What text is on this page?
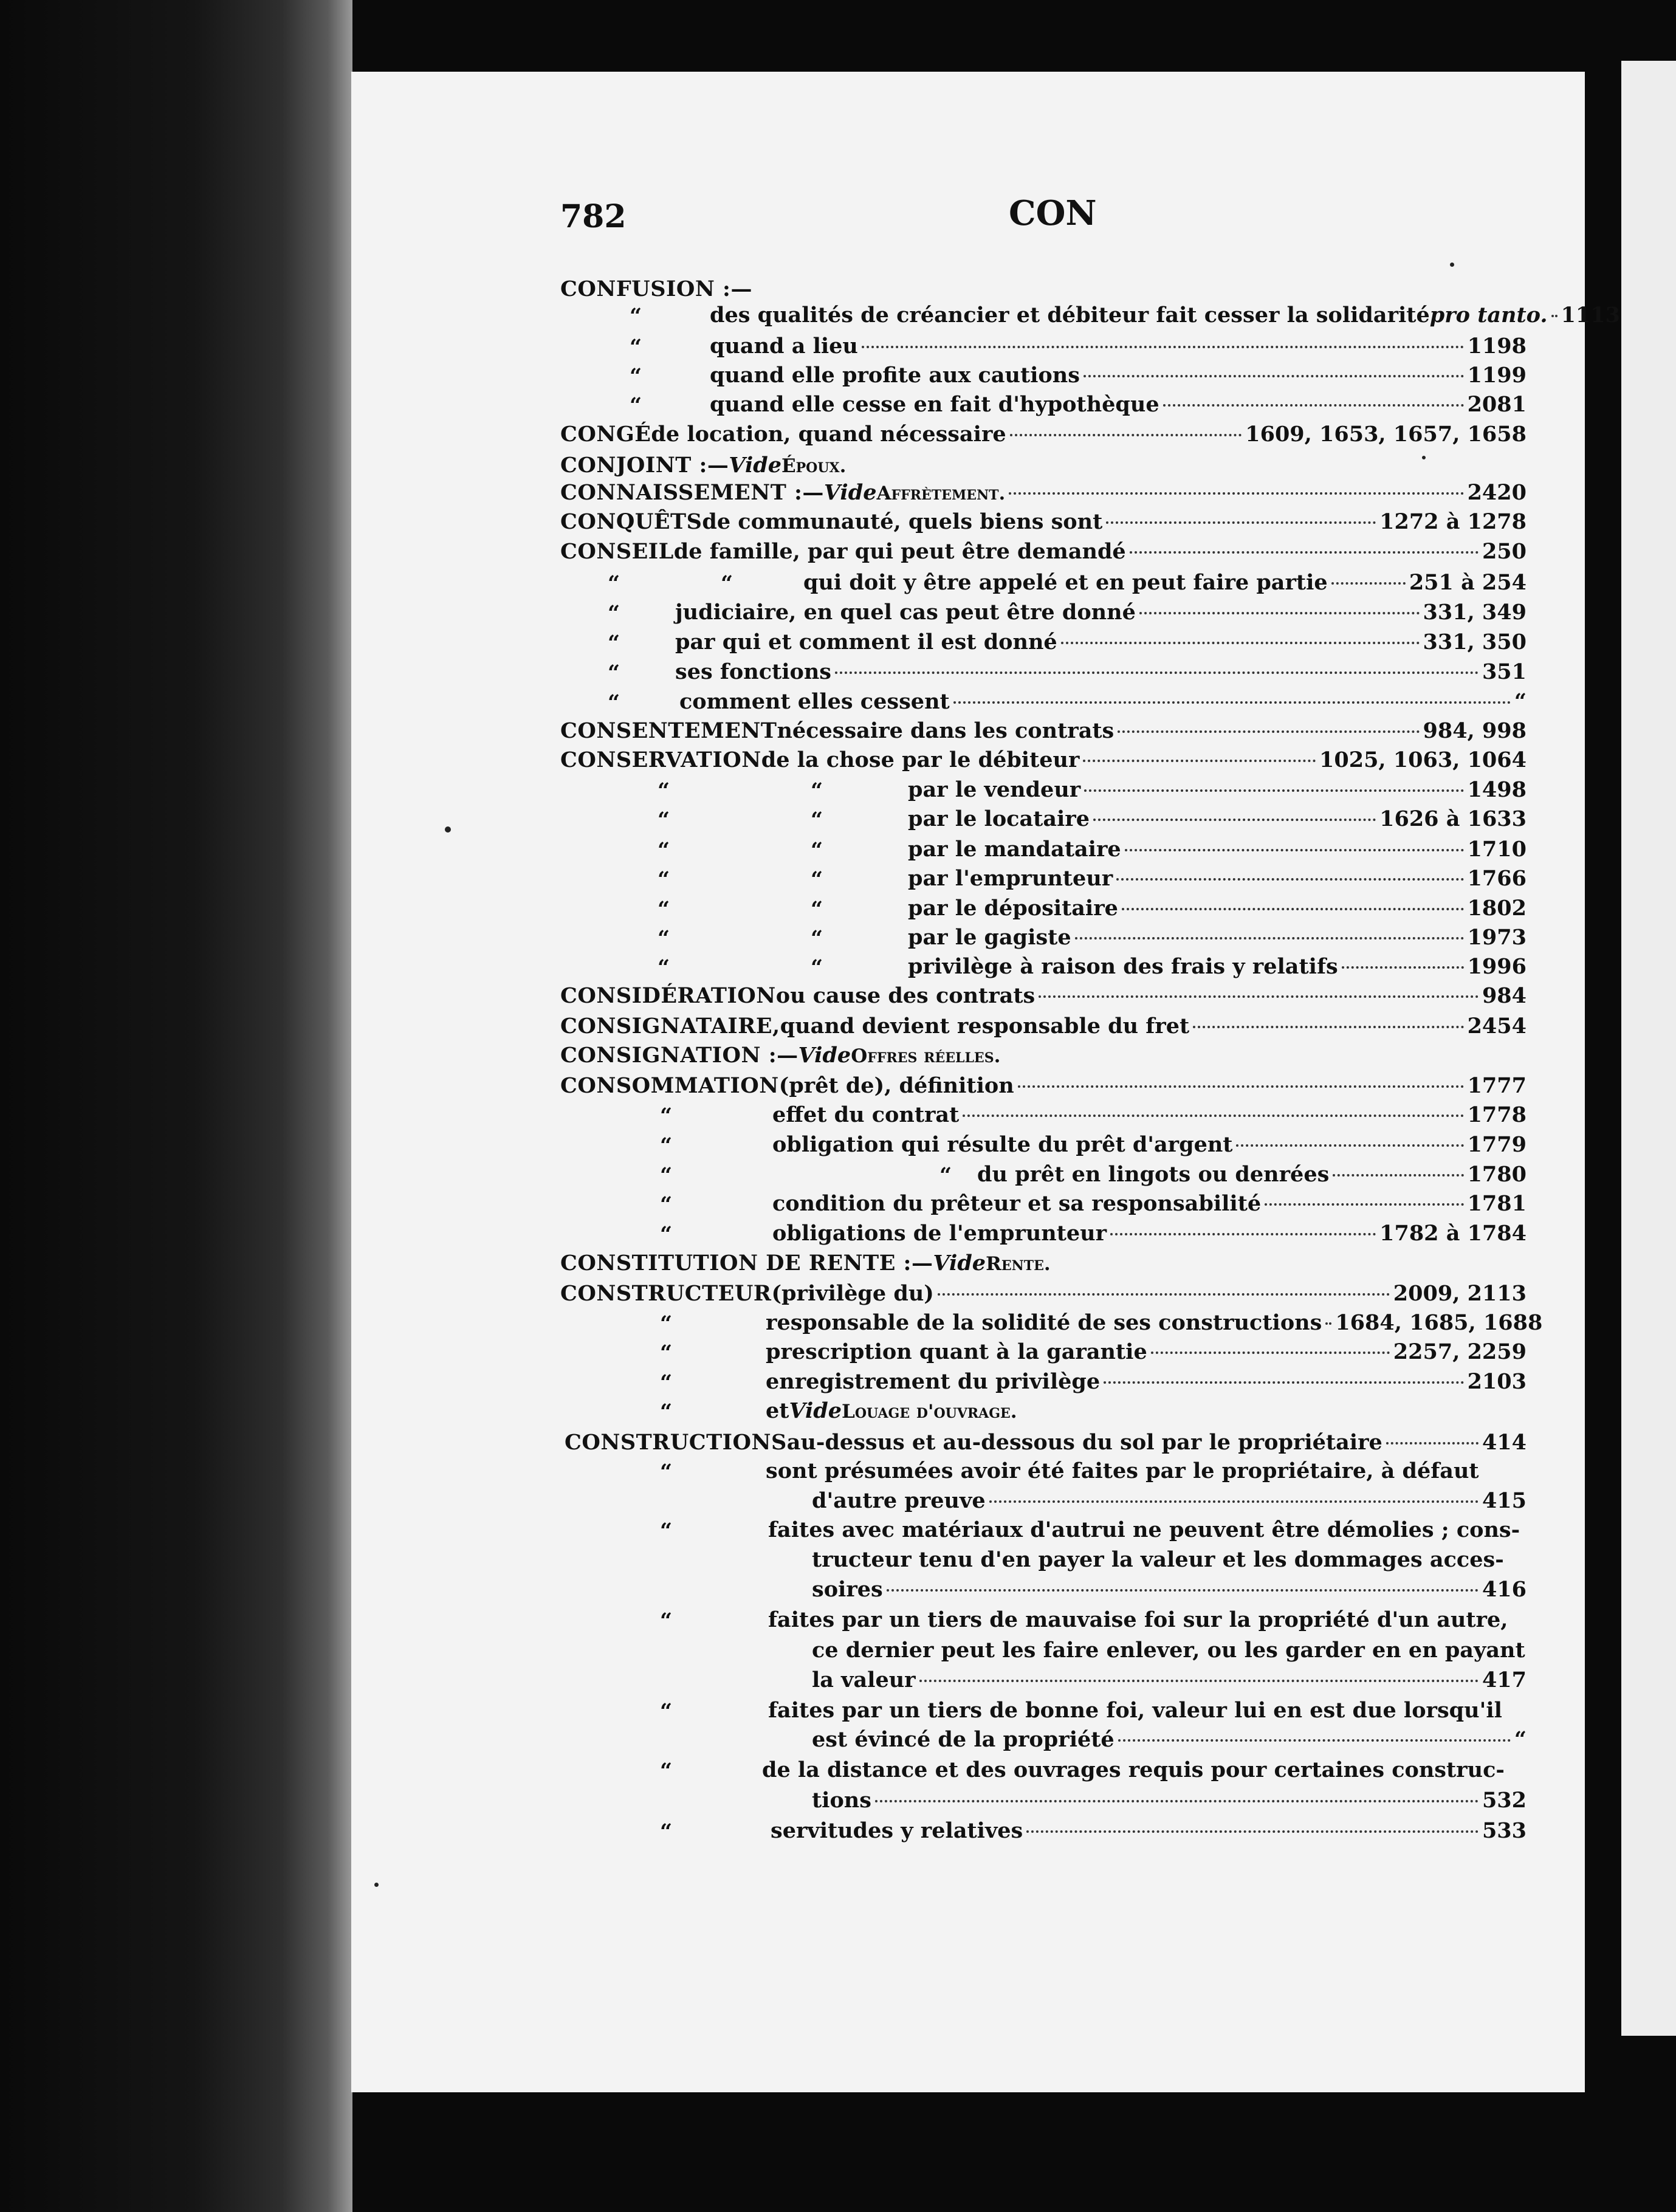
782	CON
CONFUSION :—
“	des qualités de créancier et débiteur fait cesser la solidarité pro tanto. 1113
“	quand a lieu	1198
“	quand elle profite aux cautions	1199
“	quand elle cesse en fait d'hypothèque	2081
CONGÉ de location, quand nécessaire	1609, 1653, 1657, 1658
CONJOINT :— Vide Époux.
CONNAISSEMENT :— Vide Affrètement.	2420
CONQUÊTS de communauté, quels biens sont	1272 à 1278
CONSEIL de famille, par qui peut être demandé	250
“	“	qui doit y être appelé et en peut faire partie	251 à 254
“	judiciaire, en quel cas peut être donné	331, 349
“	par qui et comment il est donné	331, 350
“	ses fonctions	351
“	comment elles cessent	“
CONSENTEMENT nécessaire dans les contrats	984, 998
CONSERVATION de la chose par le débiteur	1025, 1063, 1064
“	“	par le vendeur	1498
“	“	par le locataire	1626 à 1633
“	“	par le mandataire	1710
“	“	par l'emprunteur	1766
“	“	par le dépositaire	1802
“	“	par le gagiste	1973
“	“	privilège à raison des frais y relatifs	1996
CONSIDÉRATION ou cause des contrats	984
CONSIGNATAIRE, quand devient responsable du fret	2454
CONSIGNATION :— Vide Offres réelles.
CONSOMMATION (prêt de), définition	1777
“	effet du contrat	1778
“	obligation qui résulte du prêt d'argent	1779
“	“ du prêt en lingots ou denrées	1780
“	condition du prêteur et sa responsabilité	1781
“	obligations de l'emprunteur	1782 à 1784
CONSTITUTION DE RENTE :— Vide Rente.
CONSTRUCTEUR (privilège du)	2009, 2113
“	responsable de la solidité de ses constructions 1684, 1685, 1688
“	prescription quant à la garantie	2257, 2259
“	enregistrement du privilège	2103
“	et Vide Louage d'ouvrage.
CONSTRUCTIONS au-dessus et au-dessous du sol par le propriétaire	414
“	sont présumées avoir été faites par le propriétaire, à défaut
d'autre preuve	415
“	faites avec matériaux d'autrui ne peuvent être démolies ; cons-
tructeur tenu d'en payer la valeur et les dommages acces-
soires	416
“	faites par un tiers de mauvaise foi sur la propriété d'un autre,
ce dernier peut les faire enlever, ou les garder en en payant
la valeur	417
“	faites par un tiers de bonne foi, valeur lui en est due lorsqu'il
est évincé de la propriété	“
“	de la distance et des ouvrages requis pour certaines construc-
tions	532
“	servitudes y relatives	533
